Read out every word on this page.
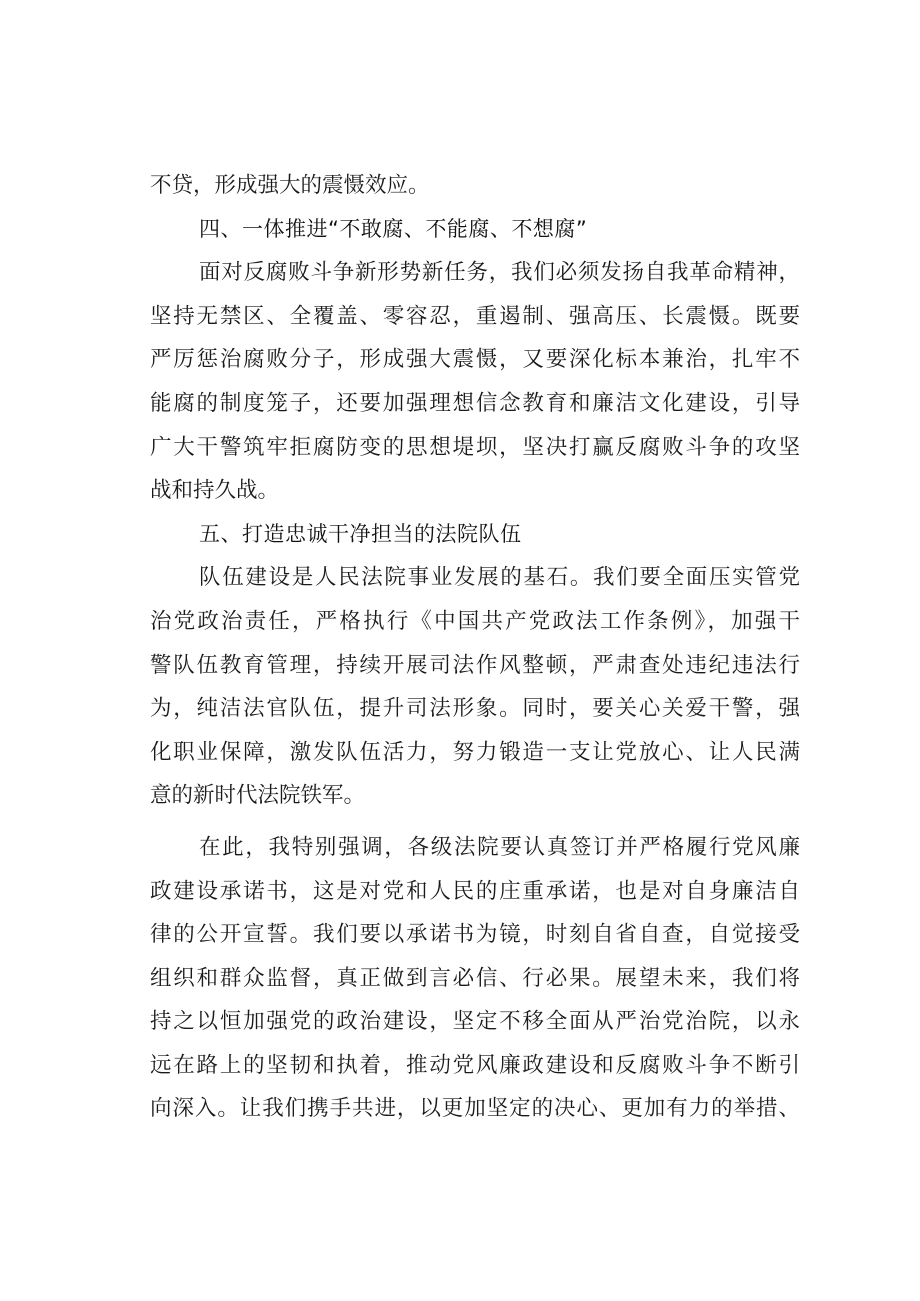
不贷，形成强大的震慑效应。
四、一体推进“不敢腐、不能腐、不想腐”
面对反腐败斗争新形势新任务，我们必须发扬自我革命精神，
坚持无禁区、全覆盖、零容忍，重遏制、强高压、长震慑。既要
严厉惩治腐败分子，形成强大震慑，又要深化标本兼治，扎牢不
能腐的制度笼子，还要加强理想信念教育和廉洁文化建设，引导
广大干警筑牢拒腐防变的思想堤坝，坚决打赢反腐败斗争的攻坚
战和持久战。
五、打造忠诚干净担当的法院队伍
队伍建设是人民法院事业发展的基石。我们要全面压实管党
治党政治责任，严格执行《中国共产党政法工作条例》，加强干
警队伍教育管理，持续开展司法作风整顿，严肃查处违纪违法行
为，纯洁法官队伍，提升司法形象。同时，要关心关爱干警，强
化职业保障，激发队伍活力，努力锻造一支让党放心、让人民满
意的新时代法院铁军。
在此，我特别强调，各级法院要认真签订并严格履行党风廉
政建设承诺书，这是对党和人民的庄重承诺，也是对自身廉洁自
律的公开宣誓。我们要以承诺书为镜，时刻自省自查，自觉接受
组织和群众监督，真正做到言必信、行必果。展望未来，我们将
持之以恒加强党的政治建设，坚定不移全面从严治党治院，以永
远在路上的坚韧和执着，推动党风廉政建设和反腐败斗争不断引
向深入。让我们携手共进，以更加坚定的决心、更加有力的举措、
